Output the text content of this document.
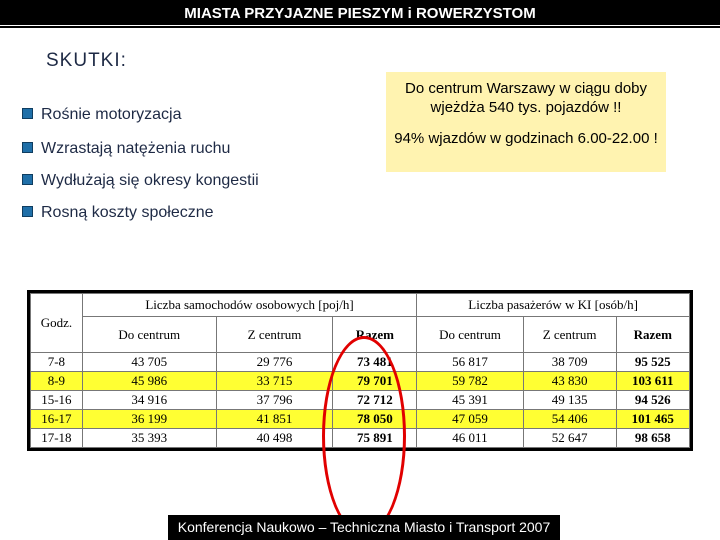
MIASTA PRZYJAZNE PIESZYM i ROWERZYSTOM
SKUTKI:
Rośnie motoryzacja
Wzrastają natężenia ruchu
Wydłużają się okresy kongestii
Rosną koszty społeczne

Do centrum Warszawy w ciągu doby wjeżdża 540 tys. pojazdów !!

94% wjazdów w godzinach 6.00-22.00 !

Godz.	Liczba samochodów osobowych [poj/h]			Liczba pasażerów w KI [osób/h]		
	Do centrum	Z centrum	Razem	Do centrum	Z centrum	Razem
7-8	43 705	29 776	73 481	56 817	38 709	95 525
8-9	45 986	33 715	79 701	59 782	43 830	103 611
15-16	34 916	37 796	72 712	45 391	49 135	94 526
16-17	36 199	41 851	78 050	47 059	54 406	101 465
17-18	35 393	40 498	75 891	46 011	52 647	98 658
Konferencja Naukowo – Techniczna Miasto i Transport 2007
